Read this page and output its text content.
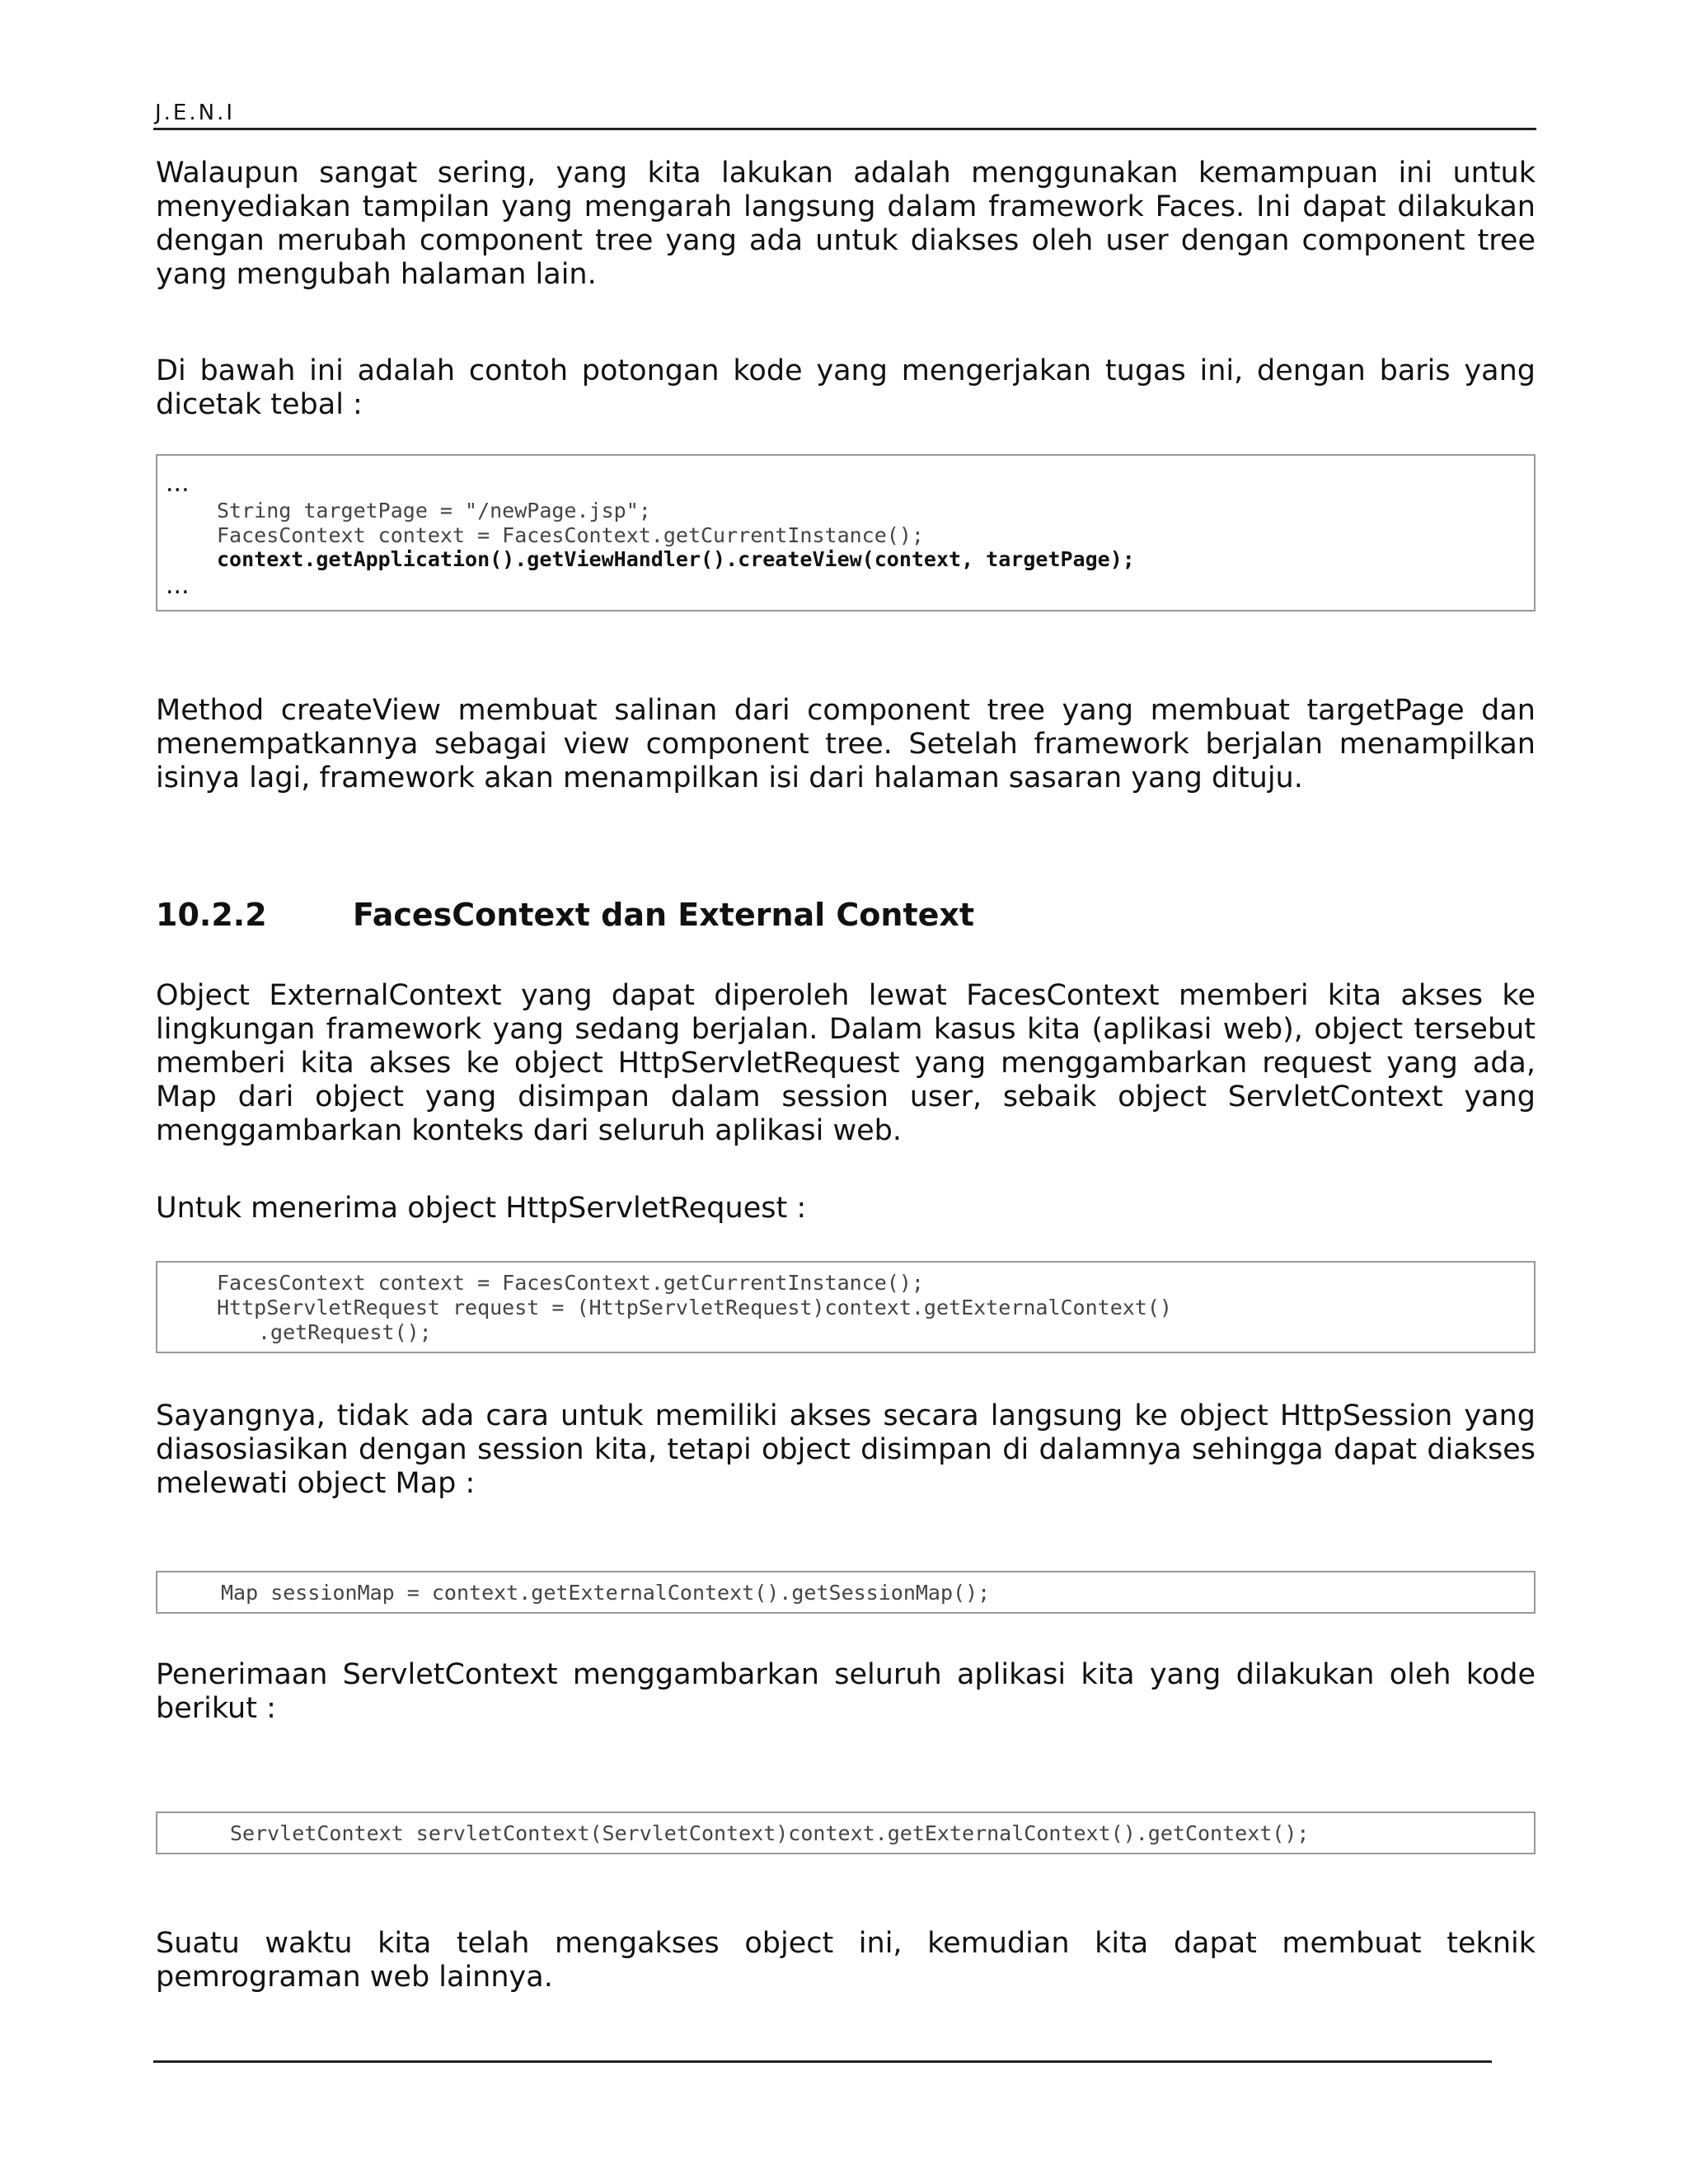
J.E.N.I

Walaupun sangat sering, yang kita lakukan adalah menggunakan kemampuan ini untuk menyediakan tampilan yang mengarah langsung dalam framework Faces. Ini dapat dilakukan dengan merubah component tree yang ada untuk diakses oleh user dengan component tree yang mengubah halaman lain.

Di bawah ini adalah contoh potongan kode yang mengerjakan tugas ini, dengan baris yang dicetak tebal :

...
String targetPage = "/newPage.jsp";
FacesContext context = FacesContext.getCurrentInstance();
context.getApplication().getViewHandler().createView(context, targetPage);
...

Method createView membuat salinan dari component tree yang membuat targetPage dan menempatkannya sebagai view component tree. Setelah framework berjalan menampilkan isinya lagi, framework akan menampilkan isi dari halaman sasaran yang dituju.

10.2.2	FacesContext dan External Context

Object ExternalContext yang dapat diperoleh lewat FacesContext memberi kita akses ke lingkungan framework yang sedang berjalan. Dalam kasus kita (aplikasi web), object tersebut memberi kita akses ke object HttpServletRequest yang menggambarkan request yang ada, Map dari object yang disimpan dalam session user, sebaik object ServletContext yang menggambarkan konteks dari seluruh aplikasi web.

Untuk menerima object HttpServletRequest :

FacesContext context = FacesContext.getCurrentInstance();
HttpServletRequest request = (HttpServletRequest)context.getExternalContext()
.getRequest();

Sayangnya, tidak ada cara untuk memiliki akses secara langsung ke object HttpSession yang diasosiasikan dengan session kita, tetapi object disimpan di dalamnya sehingga dapat diakses melewati object Map :

Map sessionMap = context.getExternalContext().getSessionMap();

Penerimaan ServletContext menggambarkan seluruh aplikasi kita yang dilakukan oleh kode berikut :

ServletContext servletContext(ServletContext)context.getExternalContext().getContext();

Suatu waktu kita telah mengakses object ini, kemudian kita dapat membuat teknik pemrograman web lainnya.
